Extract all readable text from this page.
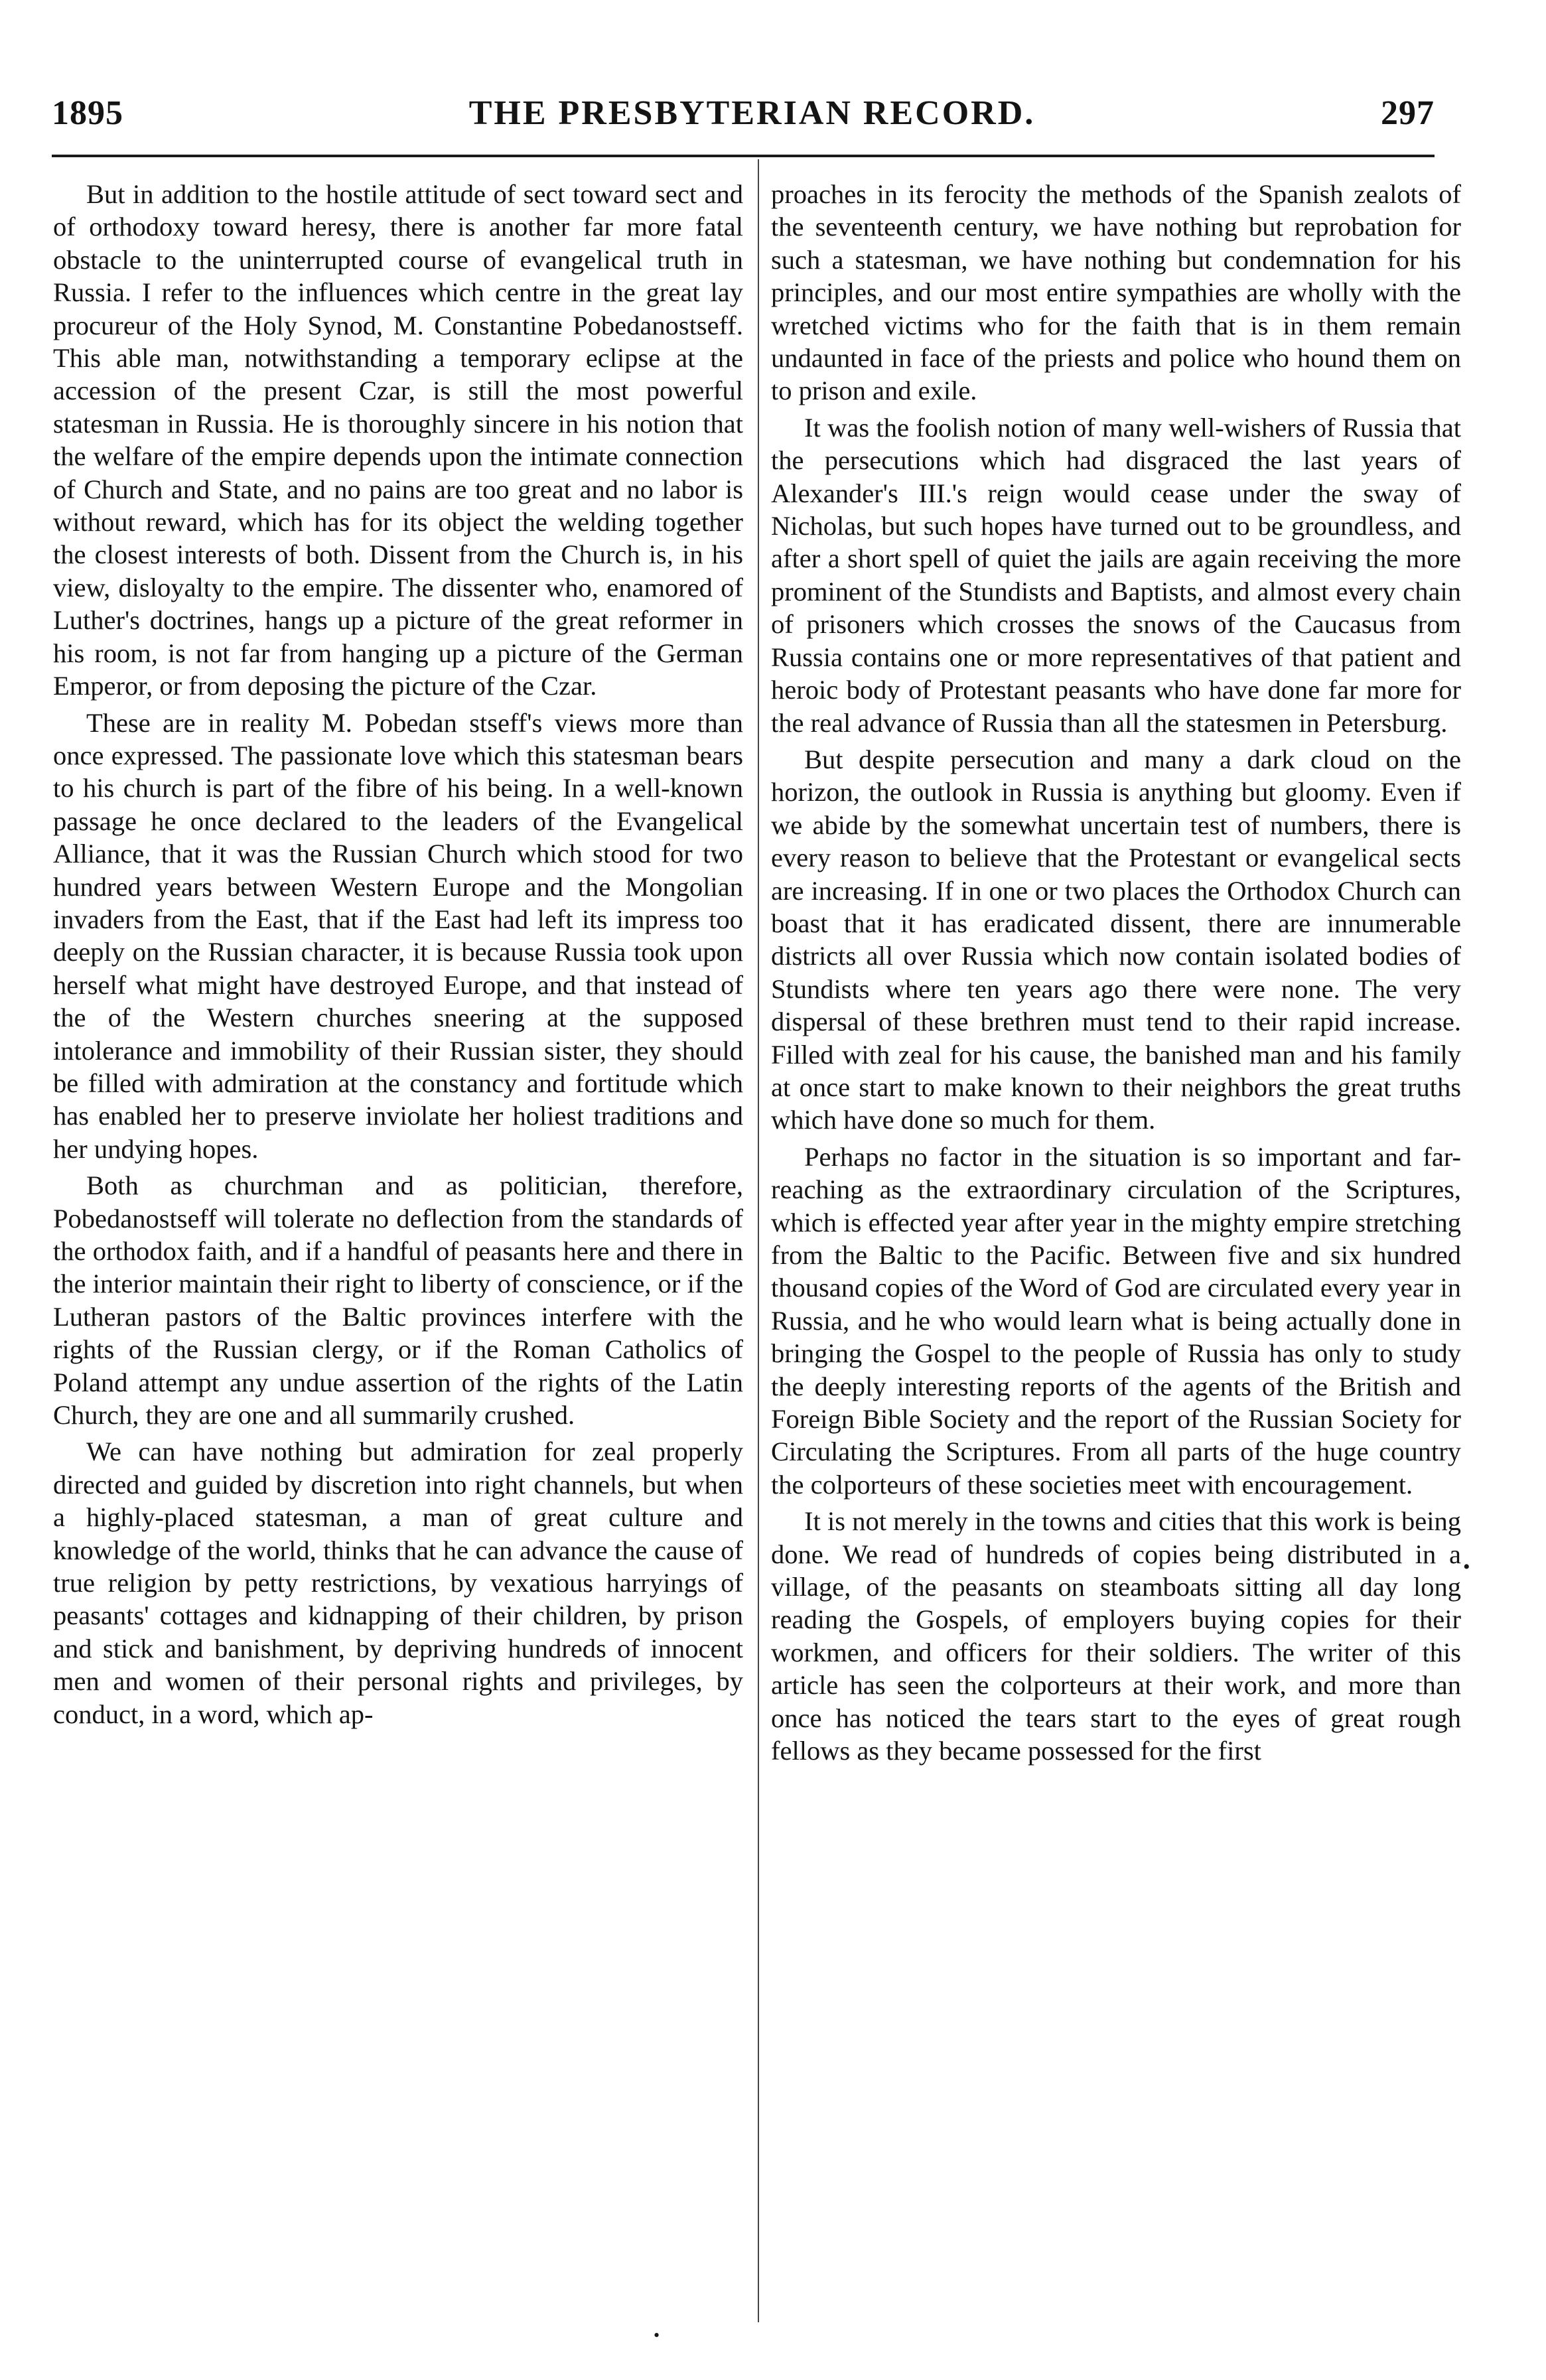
1895	THE PRESBYTERIAN RECORD.	297

But in addition to the hostile attitude of sect toward sect and of orthodoxy toward heresy, there is another far more fatal obstacle to the uninterrupted course of evangelical truth in Russia. I refer to the influences which centre in the great lay procureur of the Holy Synod, M. Constantine Pobedanostseff. This able man, notwithstanding a temporary eclipse at the accession of the present Czar, is still the most powerful statesman in Russia. He is thoroughly sincere in his notion that the welfare of the empire depends upon the intimate connection of Church and State, and no pains are too great and no labor is without reward, which has for its object the welding together the closest interests of both. Dissent from the Church is, in his view, disloyalty to the empire. The dissenter who, enamored of Luther's doctrines, hangs up a picture of the great reformer in his room, is not far from hanging up a picture of the German Emperor, or from deposing the picture of the Czar.

These are in reality M. Pobedan stseff's views more than once expressed. The passionate love which this statesman bears to his church is part of the fibre of his being. In a well-known passage he once declared to the leaders of the Evangelical Alliance, that it was the Russian Church which stood for two hundred years between Western Europe and the Mongolian invaders from the East, that if the East had left its impress too deeply on the Russian character, it is because Russia took upon herself what might have destroyed Europe, and that instead of the of the Western churches sneering at the supposed intolerance and immobility of their Russian sister, they should be filled with admiration at the constancy and fortitude which has enabled her to preserve inviolate her holiest traditions and her undying hopes.

Both as churchman and as politician, therefore, Pobedanostseff will tolerate no deflection from the standards of the orthodox faith, and if a handful of peasants here and there in the interior maintain their right to liberty of conscience, or if the Lutheran pastors of the Baltic provinces interfere with the rights of the Russian clergy, or if the Roman Catholics of Poland attempt any undue assertion of the rights of the Latin Church, they are one and all summarily crushed.

We can have nothing but admiration for zeal properly directed and guided by discretion into right channels, but when a highly-placed statesman, a man of great culture and knowledge of the world, thinks that he can advance the cause of true religion by petty restrictions, by vexatious harryings of peasants' cottages and kidnapping of their children, by prison and stick and banishment, by depriving hundreds of innocent men and women of their personal rights and privileges, by conduct, in a word, which ap-

proaches in its ferocity the methods of the Spanish zealots of the seventeenth century, we have nothing but reprobation for such a statesman, we have nothing but condemnation for his principles, and our most entire sympathies are wholly with the wretched victims who for the faith that is in them remain undaunted in face of the priests and police who hound them on to prison and exile.

It was the foolish notion of many well-wishers of Russia that the persecutions which had disgraced the last years of Alexander's III.'s reign would cease under the sway of Nicholas, but such hopes have turned out to be groundless, and after a short spell of quiet the jails are again receiving the more prominent of the Stundists and Baptists, and almost every chain of prisoners which crosses the snows of the Caucasus from Russia contains one or more representatives of that patient and heroic body of Protestant peasants who have done far more for the real advance of Russia than all the statesmen in Petersburg.

But despite persecution and many a dark cloud on the horizon, the outlook in Russia is anything but gloomy. Even if we abide by the somewhat uncertain test of numbers, there is every reason to believe that the Protestant or evangelical sects are increasing. If in one or two places the Orthodox Church can boast that it has eradicated dissent, there are innumerable districts all over Russia which now contain isolated bodies of Stundists where ten years ago there were none. The very dispersal of these brethren must tend to their rapid increase. Filled with zeal for his cause, the banished man and his family at once start to make known to their neighbors the great truths which have done so much for them.

Perhaps no factor in the situation is so important and far-reaching as the extraordinary circulation of the Scriptures, which is effected year after year in the mighty empire stretching from the Baltic to the Pacific. Between five and six hundred thousand copies of the Word of God are circulated every year in Russia, and he who would learn what is being actually done in bringing the Gospel to the people of Russia has only to study the deeply interesting reports of the agents of the British and Foreign Bible Society and the report of the Russian Society for Circulating the Scriptures. From all parts of the huge country the colporteurs of these societies meet with encouragement.

It is not merely in the towns and cities that this work is being done. We read of hundreds of copies being distributed in a village, of the peasants on steamboats sitting all day long reading the Gospels, of employers buying copies for their workmen, and officers for their soldiers. The writer of this article has seen the colporteurs at their work, and more than once has noticed the tears start to the eyes of great rough fellows as they became possessed for the first

•
•
